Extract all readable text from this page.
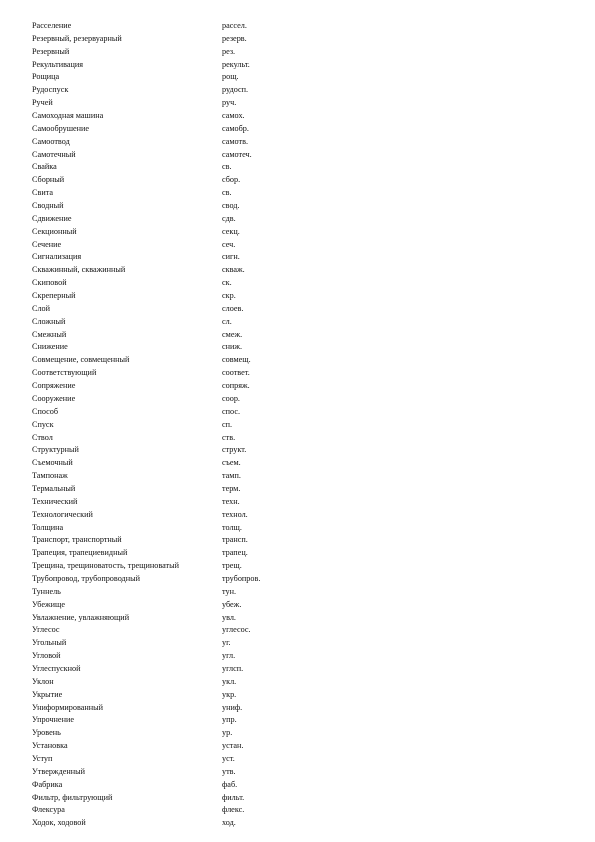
Расселение	рассел.
Резервный, резервуарный	резерв.
Резервный	рез.
Рекультивация	рекульт.
Рощица	рощ.
Рудоспуск	рудосп.
Ручей	руч.
Самоходная машина	самох.
Самообрушение	самобр.
Самоотвод	самотв.
Самотечный	самотеч.
Свайка	св.
Сборный	сбор.
Свита	св.
Сводный	свод.
Сдвижение	сдв.
Секционный	секц.
Сечение	сеч.
Сигнализация	сигн.
Скважинный, скважинный	скваж.
Скиповой	ск.
Скреперный	скр.
Слой	слоев.
Сложный	сл.
Смежный	смеж.
Снижение	сниж.
Совмещение, совмещенный	совмещ.
Соответствующий	соответ.
Сопряжение	сопряж.
Сооружение	соор.
Способ	спос.
Спуск	сп.
Ствол	ств.
Структурный	структ.
Съемочный	съем.
Тампонаж	тамп.
Термальный	терм.
Технический	техн.
Технологический	технол.
Толщина	толщ.
Транспорт, транспортный	трансп.
Трапеция, трапециевидный	трапец.
Трещина, трещиноватость, трещиноватый	трещ.
Трубопровод, трубопроводный	трубопров.
Туннель	тун.
Убежище	убеж.
Увлажнение, увлажняющий	увл.
Углесос	углесос.
Угольный	уг.
Угловой	угл.
Углеспускной	углсп.
Уклон	укл.
Укрытие	укр.
Униформированный	униф.
Упрочнение	упр.
Уровень	ур.
Установка	устан.
Уступ	уст.
Утвержденный	утв.
Фабрика	фаб.
Фильтр, фильтрующий	фильт.
Флексура	флекс.
Ходок, ходовой	ход.
